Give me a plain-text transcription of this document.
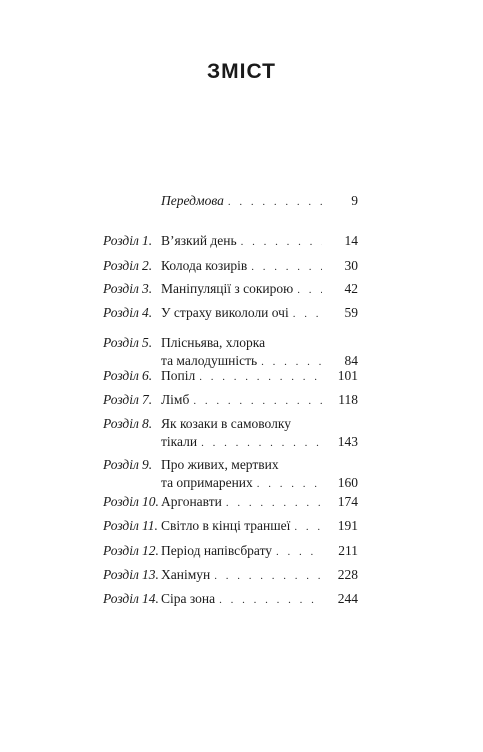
ЗМІСТ
Передмова . . .	9
Розділ 1. В’язкий день . . .	14
Розділ 2. Колода козирів . . .	30
Розділ 3. Маніпуляції з сокирою . . .	42
Розділ 4. У страху викололи очі . . .	59
Розділ 5. Плісньява, хлорка
та малодушність . . .	84
Розділ 6. Попіл . . .	101
Розділ 7. Лімб . . .	118
Розділ 8. Як козаки в самоволку
тікали . . .	143
Розділ 9. Про живих, мертвих
та опримарених . . .	160
Розділ 10. Аргонавти . . .	174
Розділ 11. Світло в кінці траншеї . . .	191
Розділ 12. Період напівсбрату . . .	211
Розділ 13. Ханімун . . .	228
Розділ 14. Сіра зона . . .	244
